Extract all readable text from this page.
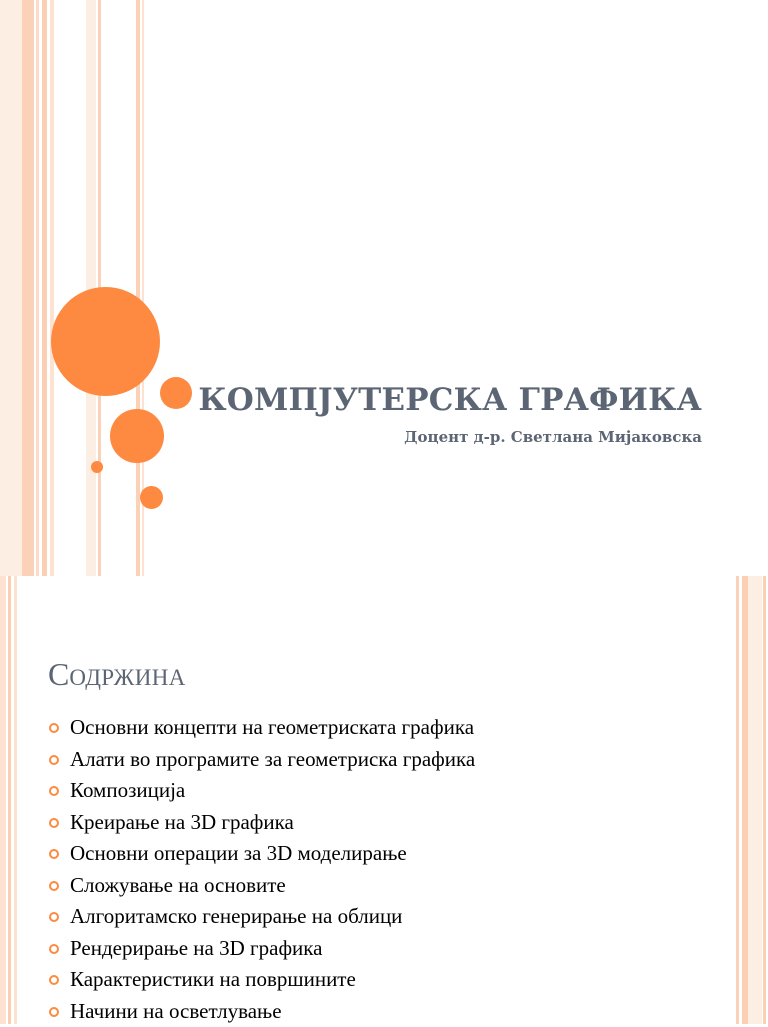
КОМПЈУТЕРСКА ГРАФИКА
Доцент д-р. Светлана Мијаковска
СОДРЖИНА
Основни концепти на геометриската графика
Алати во програмите за геометриска графика
Композиција
Креирање на 3D графика
Основни операции за 3D моделирање
Сложување на основите
Алгоритамско генерирање на облици
Рендерирање на 3D графика
Карактеристики на површините
Начини на осветлување
